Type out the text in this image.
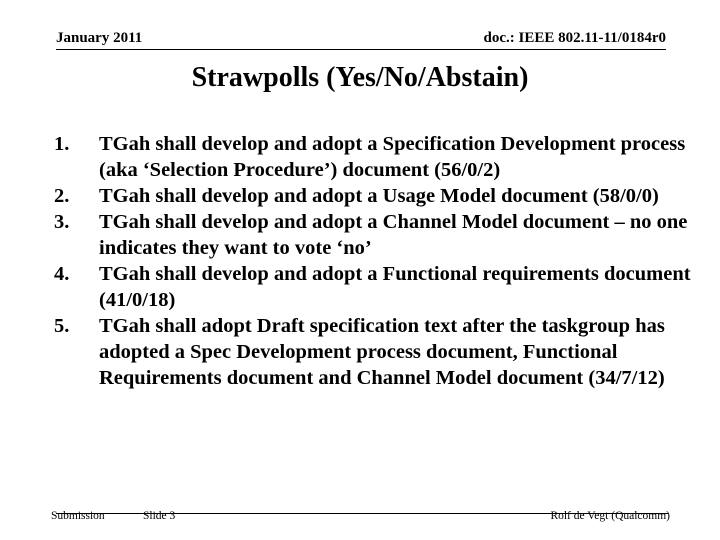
January 2011	doc.: IEEE 802.11-11/0184r0
Strawpolls (Yes/No/Abstain)
1.	TGah shall develop and adopt a Specification Development process (aka ‘Selection Procedure’) document (56/0/2)
2.	TGah shall develop and adopt a Usage Model document (58/0/0)
3.	TGah shall develop and adopt a Channel Model document – no one indicates they want to vote ‘no’
4.	TGah shall develop and adopt a Functional requirements document (41/0/18)
5.	TGah shall adopt Draft specification text after the taskgroup has adopted a Spec Development process document, Functional Requirements document and Channel Model document (34/7/12)
Submission	Slide 3	Rolf de Vegt (Qualcomm)
